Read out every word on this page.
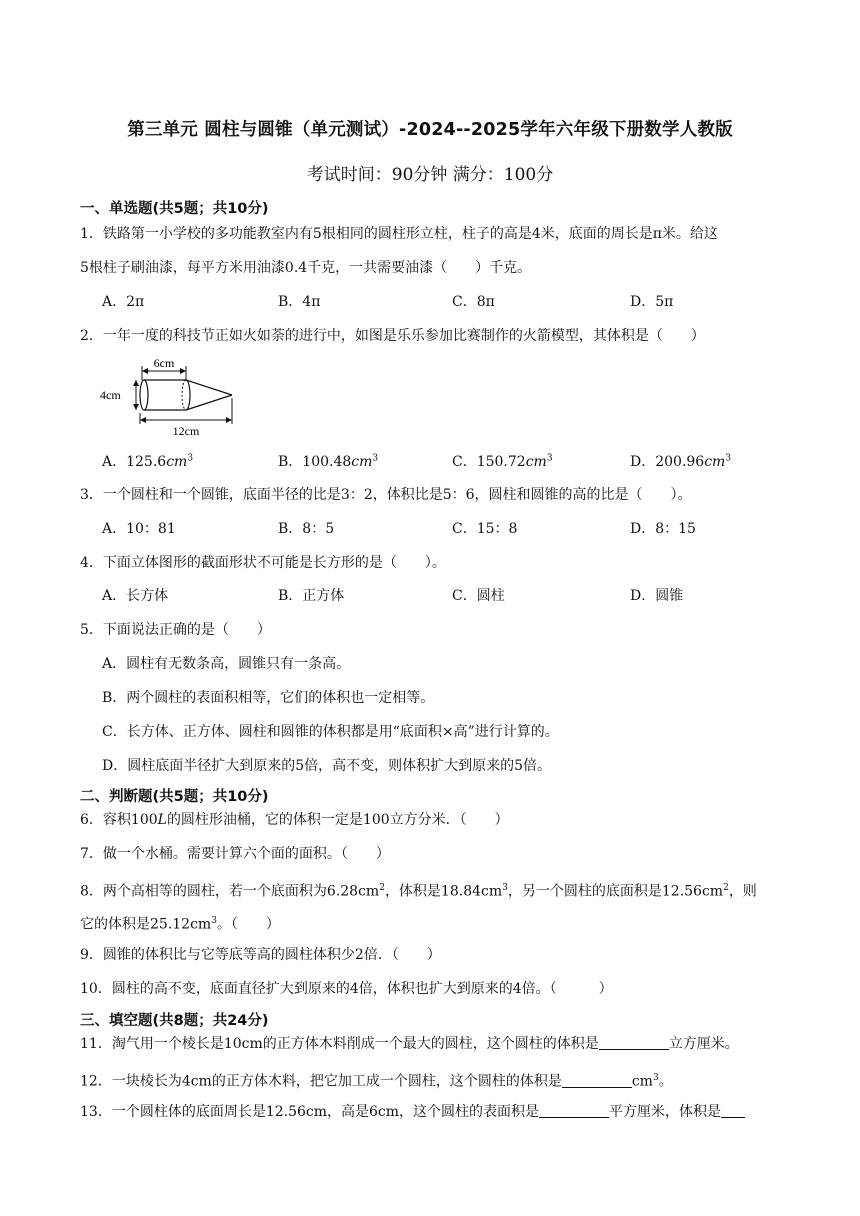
第三单元 圆柱与圆锥（单元测试）-2024--2025学年六年级下册数学人教版
考试时间：90分钟 满分：100分
一、单选题(共5题；共10分)
1．铁路第一小学校的多功能教室内有5根相同的圆柱形立柱，柱子的高是4米，底面的周长是π米。给这
5根柱子刷油漆，每平方米用油漆0.4千克，一共需要油漆（　　）千克。
A．2π	B．4π	C．8π	D．5π
2．一年一度的科技节正如火如荼的进行中，如图是乐乐参加比赛制作的火箭模型，其体积是（　　）
6cm
4cm
12cm
A．$125.6cm^3$	B．$100.48cm^3$	C．$150.72cm^3$	D．$200.96cm^3$
3．一个圆柱和一个圆锥，底面半径的比是3：2，体积比是5：6，圆柱和圆锥的高的比是（　　）。
A．10：81	B．8：5	C．15：8	D．8：15
4．下面立体图形的截面形状不可能是长方形的是（　　）。
A．长方体	B．正方体	C．圆柱	D．圆锥
5．下面说法正确的是（　　）
A．圆柱有无数条高，圆锥只有一条高。
B．两个圆柱的表面积相等，它们的体积也一定相等。
C．长方体、正方体、圆柱和圆锥的体积都是用“底面积×高”进行计算的。
D．圆柱底面半径扩大到原来的5倍，高不变，则体积扩大到原来的5倍。
二、判断题(共5题；共10分)
6．容积100L的圆柱形油桶，它的体积一定是100立方分米．（　　）
7．做一个水桶。需要计算六个面的面积。（　　）
8．两个高相等的圆柱，若一个底面积为$6.28cm^2$，体积是$18.84cm^3$，另一个圆柱的底面积是$12.56cm^2$，则
它的体积是$25.12cm^3$。（　　）
9．圆锥的体积比与它等底等高的圆柱体积少2倍．（　　）
10．圆柱的高不变，底面直径扩大到原来的4倍，体积也扩大到原来的4倍。（　　　）
三、填空题(共8题；共24分)
11．淘气用一个棱长是10cm的正方体木料削成一个最大的圆柱，这个圆柱的体积是	立方厘米。
12．一块棱长为4cm的正方体木料，把它加工成一个圆柱，这个圆柱的体积是	$cm^3$。
13．一个圆柱体的底面周长是12.56cm，高是6cm，这个圆柱的表面积是	平方厘米，体积是
